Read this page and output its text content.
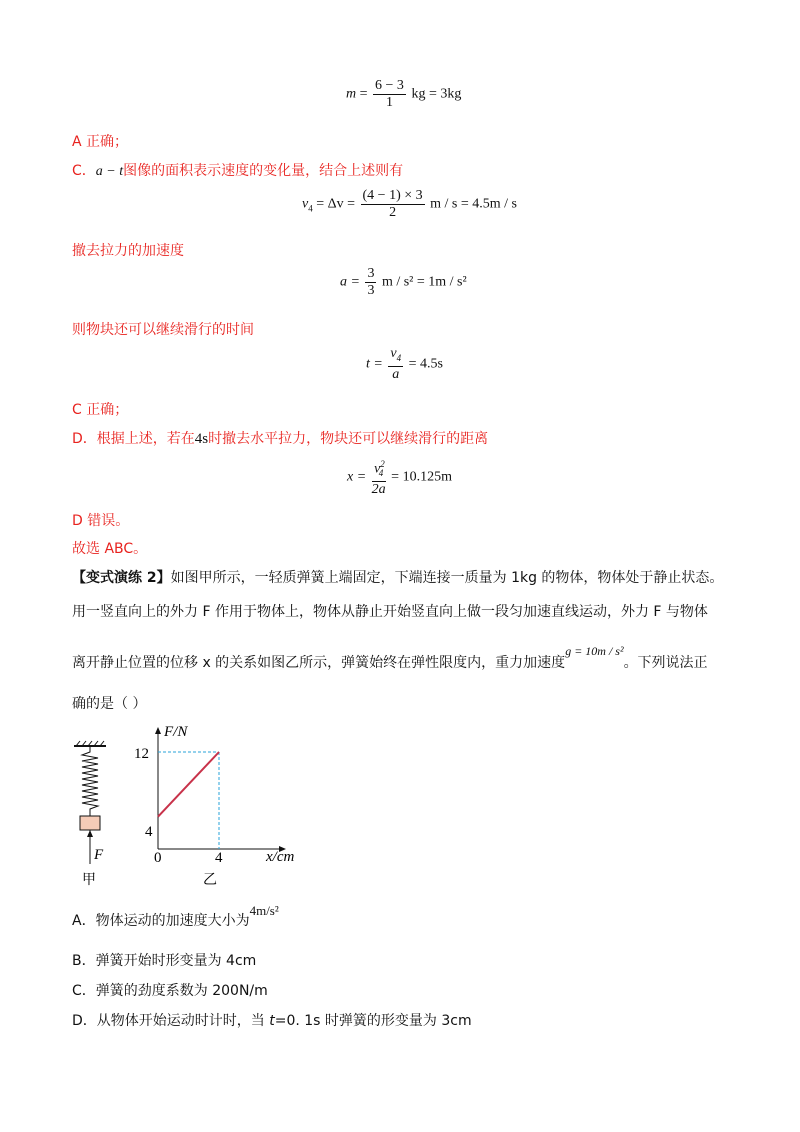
$m = \frac{6 - 3}{1}$ kg = 3kg
A 正确；
C．a − t图像的面积表示速度的变化量，结合上述则有
$v_4 = \Delta v = \frac{(4 - 1) \times 3}{2}$ m / s = 4.5m / s
撤去拉力的加速度
$a = \frac{3}{3}$ m / s² = 1m / s²
则物块还可以继续滑行的时间
$t = \frac{v_4}{a} = 4.5s$
C 正确；
D．根据上述，若在4s时撤去水平拉力，物块还可以继续滑行的距离
$x = \frac{v^2_4}{2a} = 10.125m$
D 错误。
故选 ABC。
【变式演练 2】如图甲所示，一轻质弹簧上端固定，下端连接一质量为 1kg 的物体，物体处于静止状态。
用一竖直向上的外力 F 作用于物体上，物体从静止开始竖直向上做一段匀加速直线运动，外力 F 与物体
离开静止位置的位移 x 的关系如图乙所示，弹簧始终在弹性限度内，重力加速度g = 10m / s²。下列说法正
确的是（ ）
F
甲
F/N
12
4
0	4	x/cm
乙
A．物体运动的加速度大小为4m/s²
B．弹簧开始时形变量为 4cm
C．弹簧的劲度系数为 200N/m
D．从物体开始运动时计时，当 t=0. 1s 时弹簧的形变量为 3cm
